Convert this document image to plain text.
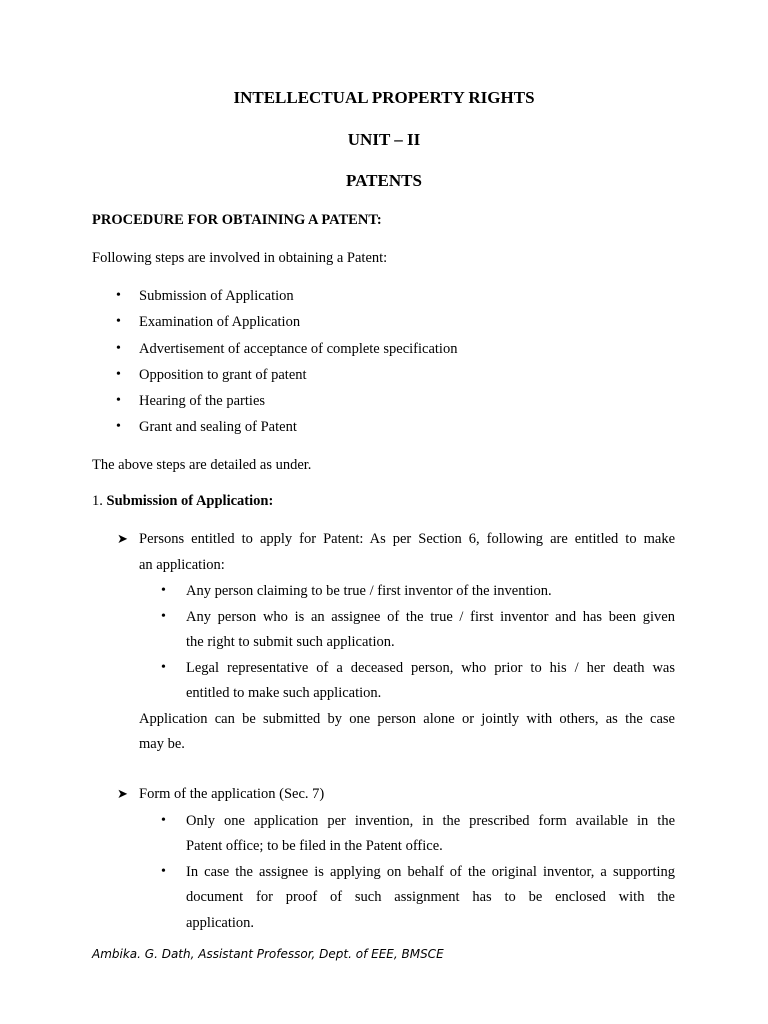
INTELLECTUAL PROPERTY RIGHTS
UNIT – II
PATENTS
PROCEDURE FOR OBTAINING A PATENT:
Following steps are involved in obtaining a Patent:
• Submission of Application
• Examination of Application
• Advertisement of acceptance of complete specification
• Opposition to grant of patent
• Hearing of the parties
• Grant and sealing of Patent
The above steps are detailed as under.
1. Submission of Application:
➤ Persons entitled to apply for Patent: As per Section 6, following are entitled to make
an application:
• Any person claiming to be true / first inventor of the invention.
• Any person who is an assignee of the true / first inventor and has been given
the right to submit such application.
• Legal representative of a deceased person, who prior to his / her death was
entitled to make such application.
Application can be submitted by one person alone or jointly with others, as the case
may be.
➤ Form of the application (Sec. 7)
• Only one application per invention, in the prescribed form available in the
Patent office; to be filed in the Patent office.
• In case the assignee is applying on behalf of the original inventor, a supporting
document for proof of such assignment has to be enclosed with the
application.
Ambika. G. Dath, Assistant Professor, Dept. of EEE, BMSCE
